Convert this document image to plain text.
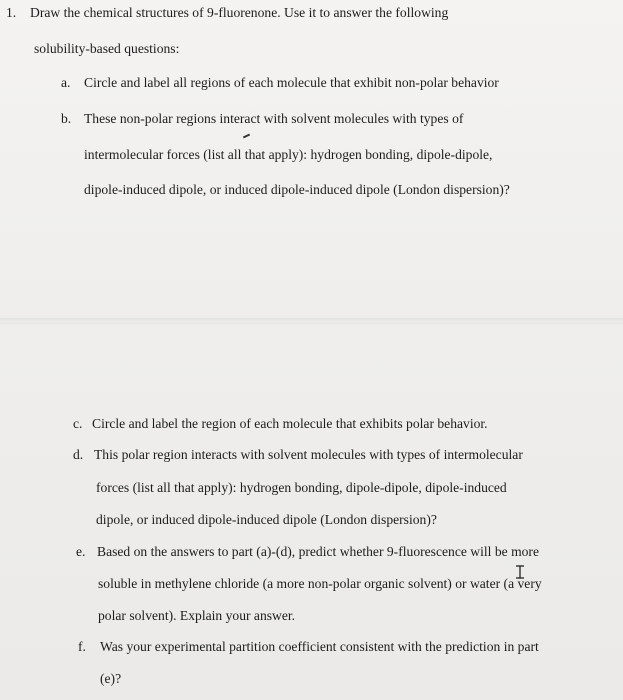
1. Draw the chemical structures of 9-fluorenone. Use it to answer the following
solubility-based questions:
a. Circle and label all regions of each molecule that exhibit non-polar behavior
b. These non-polar regions interact with solvent molecules with types of
intermolecular forces (list all that apply): hydrogen bonding, dipole-dipole,
dipole-induced dipole, or induced dipole-induced dipole (London dispersion)?
c. Circle and label the region of each molecule that exhibits polar behavior.
d. This polar region interacts with solvent molecules with types of intermolecular
forces (list all that apply): hydrogen bonding, dipole-dipole, dipole-induced
dipole, or induced dipole-induced dipole (London dispersion)?
e. Based on the answers to part (a)-(d), predict whether 9-fluorescence will be more
soluble in methylene chloride (a more non-polar organic solvent) or water (a very
polar solvent). Explain your answer.
f. Was your experimental partition coefficient consistent with the prediction in part
(e)?
